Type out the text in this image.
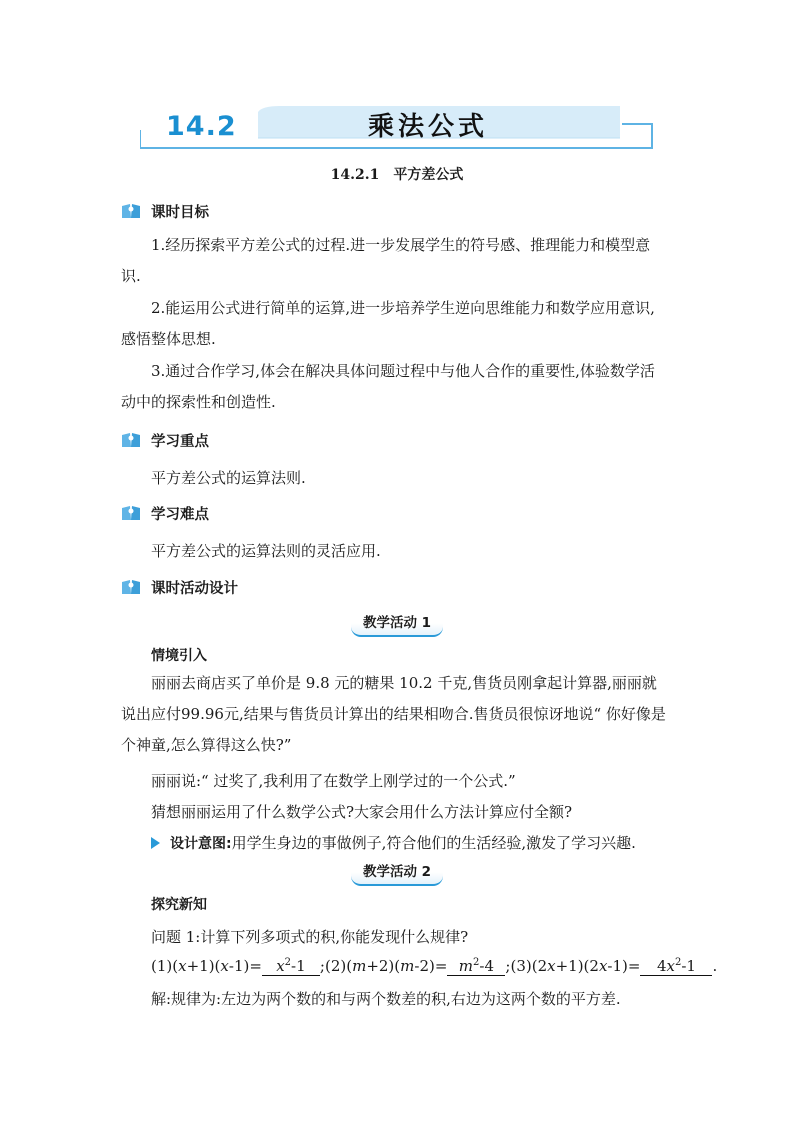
14.2	乘法公式
14.2.1　平方差公式
课时目标

1.经历探索平方差公式的过程.进一步发展学生的符号感、推理能力和模型意识.

2.能运用公式进行简单的运算,进一步培养学生逆向思维能力和数学应用意识,感悟整体思想.

3.通过合作学习,体会在解决具体问题过程中与他人合作的重要性,体验数学活动中的探索性和创造性.

学习重点
平方差公式的运算法则.
学习难点
平方差公式的运算法则的灵活应用.
课时活动设计
教学活动 1
情境引入

丽丽去商店买了单价是 9.8 元的糖果 10.2 千克,售货员刚拿起计算器,丽丽就说出应付99.96元,结果与售货员计算出的结果相吻合.售货员很惊讶地说“ 你好像是个神童,怎么算得这么快?”

丽丽说:“ 过奖了,我利用了在数学上刚学过的一个公式.”
猜想丽丽运用了什么数学公式?大家会用什么方法计算应付全额?
设计意图: 用学生身边的事做例子,符合他们的生活经验,激发了学习兴趣.
教学活动 2
探究新知
问题 1:计算下列多项式的积,你能发现什么规律?
$(1)(x+1)(x-1)= x^2-1$ ;(2)(m+2)(m-2)= $m^2-4$ ;(3)(2x+1)(2x-1)= $4x^2-1$ .
解:规律为:左边为两个数的和与两个数差的积,右边为这两个数的平方差.
